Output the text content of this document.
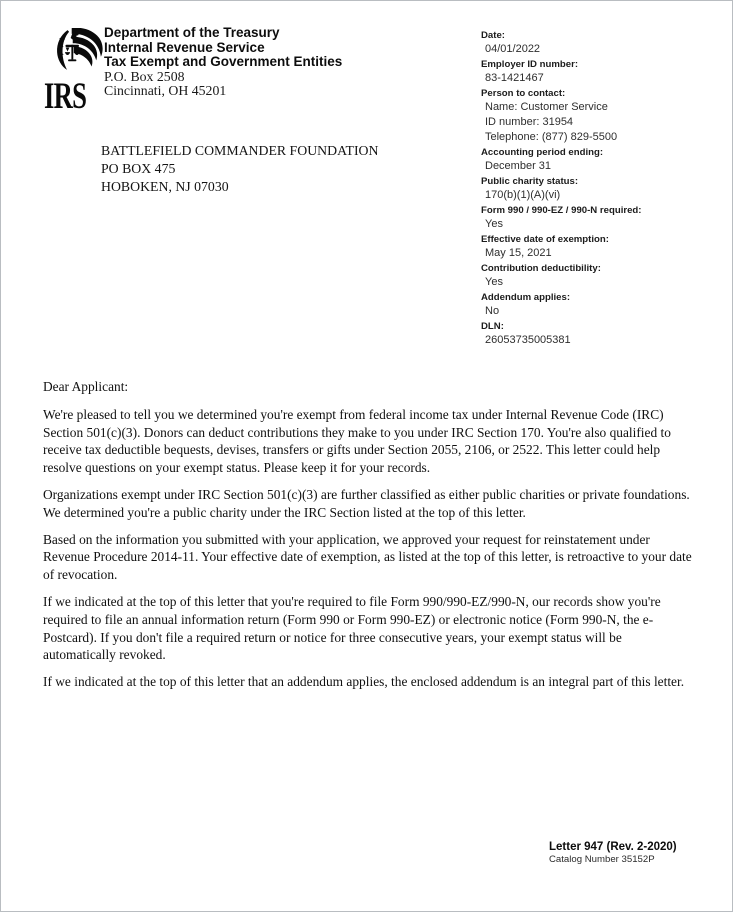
IRS
Department of the Treasury
Internal Revenue Service
Tax Exempt and Government Entities
P.O. Box 2508
Cincinnati, OH 45201
BATTLEFIELD COMMANDER FOUNDATION
PO BOX 475
HOBOKEN, NJ 07030
Date:
04/01/2022
Employer ID number:
83-1421467
Person to contact:
Name: Customer Service
ID number: 31954
Telephone: (877) 829-5500
Accounting period ending:
December 31
Public charity status:
170(b)(1)(A)(vi)
Form 990 / 990-EZ / 990-N required:
Yes
Effective date of exemption:
May 15, 2021
Contribution deductibility:
Yes
Addendum applies:
No
DLN:
26053735005381

Dear Applicant:

We're pleased to tell you we determined you're exempt from federal income tax under Internal Revenue Code (IRC) Section 501(c)(3). Donors can deduct contributions they make to you under IRC Section 170. You're also qualified to receive tax deductible bequests, devises, transfers or gifts under Section 2055, 2106, or 2522. This letter could help resolve questions on your exempt status. Please keep it for your records.

Organizations exempt under IRC Section 501(c)(3) are further classified as either public charities or private foundations. We determined you're a public charity under the IRC Section listed at the top of this letter.

Based on the information you submitted with your application, we approved your request for reinstatement under Revenue Procedure 2014-11. Your effective date of exemption, as listed at the top of this letter, is retroactive to your date of revocation.

If we indicated at the top of this letter that you're required to file Form 990/990-EZ/990-N, our records show you're required to file an annual information return (Form 990 or Form 990-EZ) or electronic notice (Form 990-N, the e-Postcard). If you don't file a required return or notice for three consecutive years, your exempt status will be automatically revoked.

If we indicated at the top of this letter that an addendum applies, the enclosed addendum is an integral part of this letter.

Letter 947 (Rev. 2-2020)
Catalog Number 35152P
